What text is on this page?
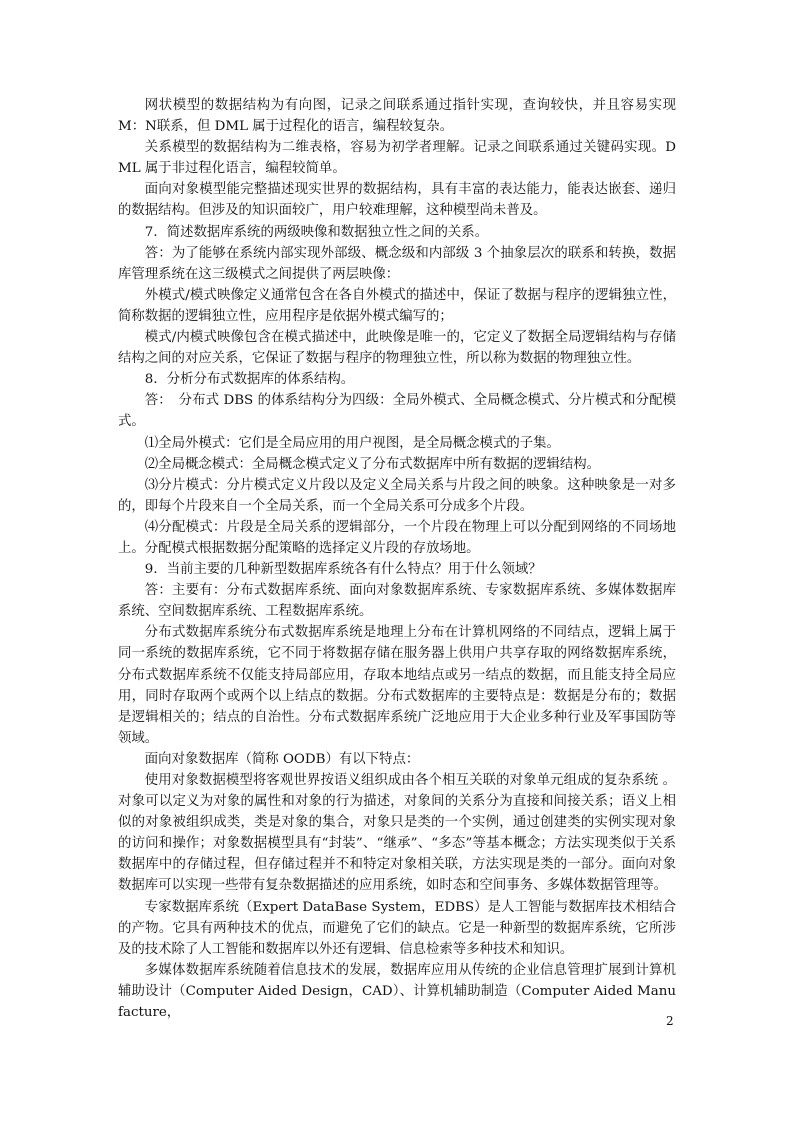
网状模型的数据结构为有向图，记录之间联系通过指针实现，查询较快，并且容易实现M：N联系，但 DML 属于过程化的语言，编程较复杂。

关系模型的数据结构为二维表格，容易为初学者理解。记录之间联系通过关键码实现。DML 属于非过程化语言，编程较简单。

面向对象模型能完整描述现实世界的数据结构，具有丰富的表达能力，能表达嵌套、递归的数据结构。但涉及的知识面较广，用户较难理解，这种模型尚未普及。

7．简述数据库系统的两级映像和数据独立性之间的关系。

答：为了能够在系统内部实现外部级、概念级和内部级 3 个抽象层次的联系和转换，数据库管理系统在这三级模式之间提供了两层映像：

外模式/模式映像定义通常包含在各自外模式的描述中，保证了数据与程序的逻辑独立性，简称数据的逻辑独立性，应用程序是依据外模式编写的；

模式/内模式映像包含在模式描述中，此映像是唯一的，它定义了数据全局逻辑结构与存储结构之间的对应关系，它保证了数据与程序的物理独立性，所以称为数据的物理独立性。

8．分析分布式数据库的体系结构。

答：　分布式 DBS 的体系结构分为四级：全局外模式、全局概念模式、分片模式和分配模式。

⑴全局外模式：它们是全局应用的用户视图，是全局概念模式的子集。

⑵全局概念模式：全局概念模式定义了分布式数据库中所有数据的逻辑结构。

⑶分片模式：分片模式定义片段以及定义全局关系与片段之间的映象。这种映象是一对多的，即每个片段来自一个全局关系，而一个全局关系可分成多个片段。

⑷分配模式：片段是全局关系的逻辑部分，一个片段在物理上可以分配到网络的不同场地上。分配模式根据数据分配策略的选择定义片段的存放场地。

9．当前主要的几种新型数据库系统各有什么特点？用于什么领域？

答：主要有：分布式数据库系统、面向对象数据库系统、专家数据库系统、多媒体数据库系统、空间数据库系统、工程数据库系统。

分布式数据库系统分布式数据库系统是地理上分布在计算机网络的不同结点，逻辑上属于同一系统的数据库系统，它不同于将数据存储在服务器上供用户共享存取的网络数据库系统，分布式数据库系统不仅能支持局部应用，存取本地结点或另一结点的数据，而且能支持全局应用，同时存取两个或两个以上结点的数据。分布式数据库的主要特点是：数据是分布的；数据是逻辑相关的；结点的自治性。分布式数据库系统广泛地应用于大企业多种行业及军事国防等领域。

面向对象数据库（简称 OODB）有以下特点：

使用对象数据模型将客观世界按语义组织成由各个相互关联的对象单元组成的复杂系统 。对象可以定义为对象的属性和对象的行为描述，对象间的关系分为直接和间接关系；语义上相似的对象被组织成类，类是对象的集合，对象只是类的一个实例，通过创建类的实例实现对象的访问和操作；对象数据模型具有“封装”、“继承”、“多态”等基本概念；方法实现类似于关系数据库中的存储过程，但存储过程并不和特定对象相关联，方法实现是类的一部分。面向对象数据库可以实现一些带有复杂数据描述的应用系统，如时态和空间事务、多媒体数据管理等。

专家数据库系统（Expert DataBase System，EDBS）是人工智能与数据库技术相结合的产物。它具有两种技术的优点，而避免了它们的缺点。它是一种新型的数据库系统，它所涉及的技术除了人工智能和数据库以外还有逻辑、信息检索等多种技术和知识。

多媒体数据库系统随着信息技术的发展，数据库应用从传统的企业信息管理扩展到计算机辅助设计（Computer Aided Design，CAD）、计算机辅助制造（Computer Aided Manufacture，

2
